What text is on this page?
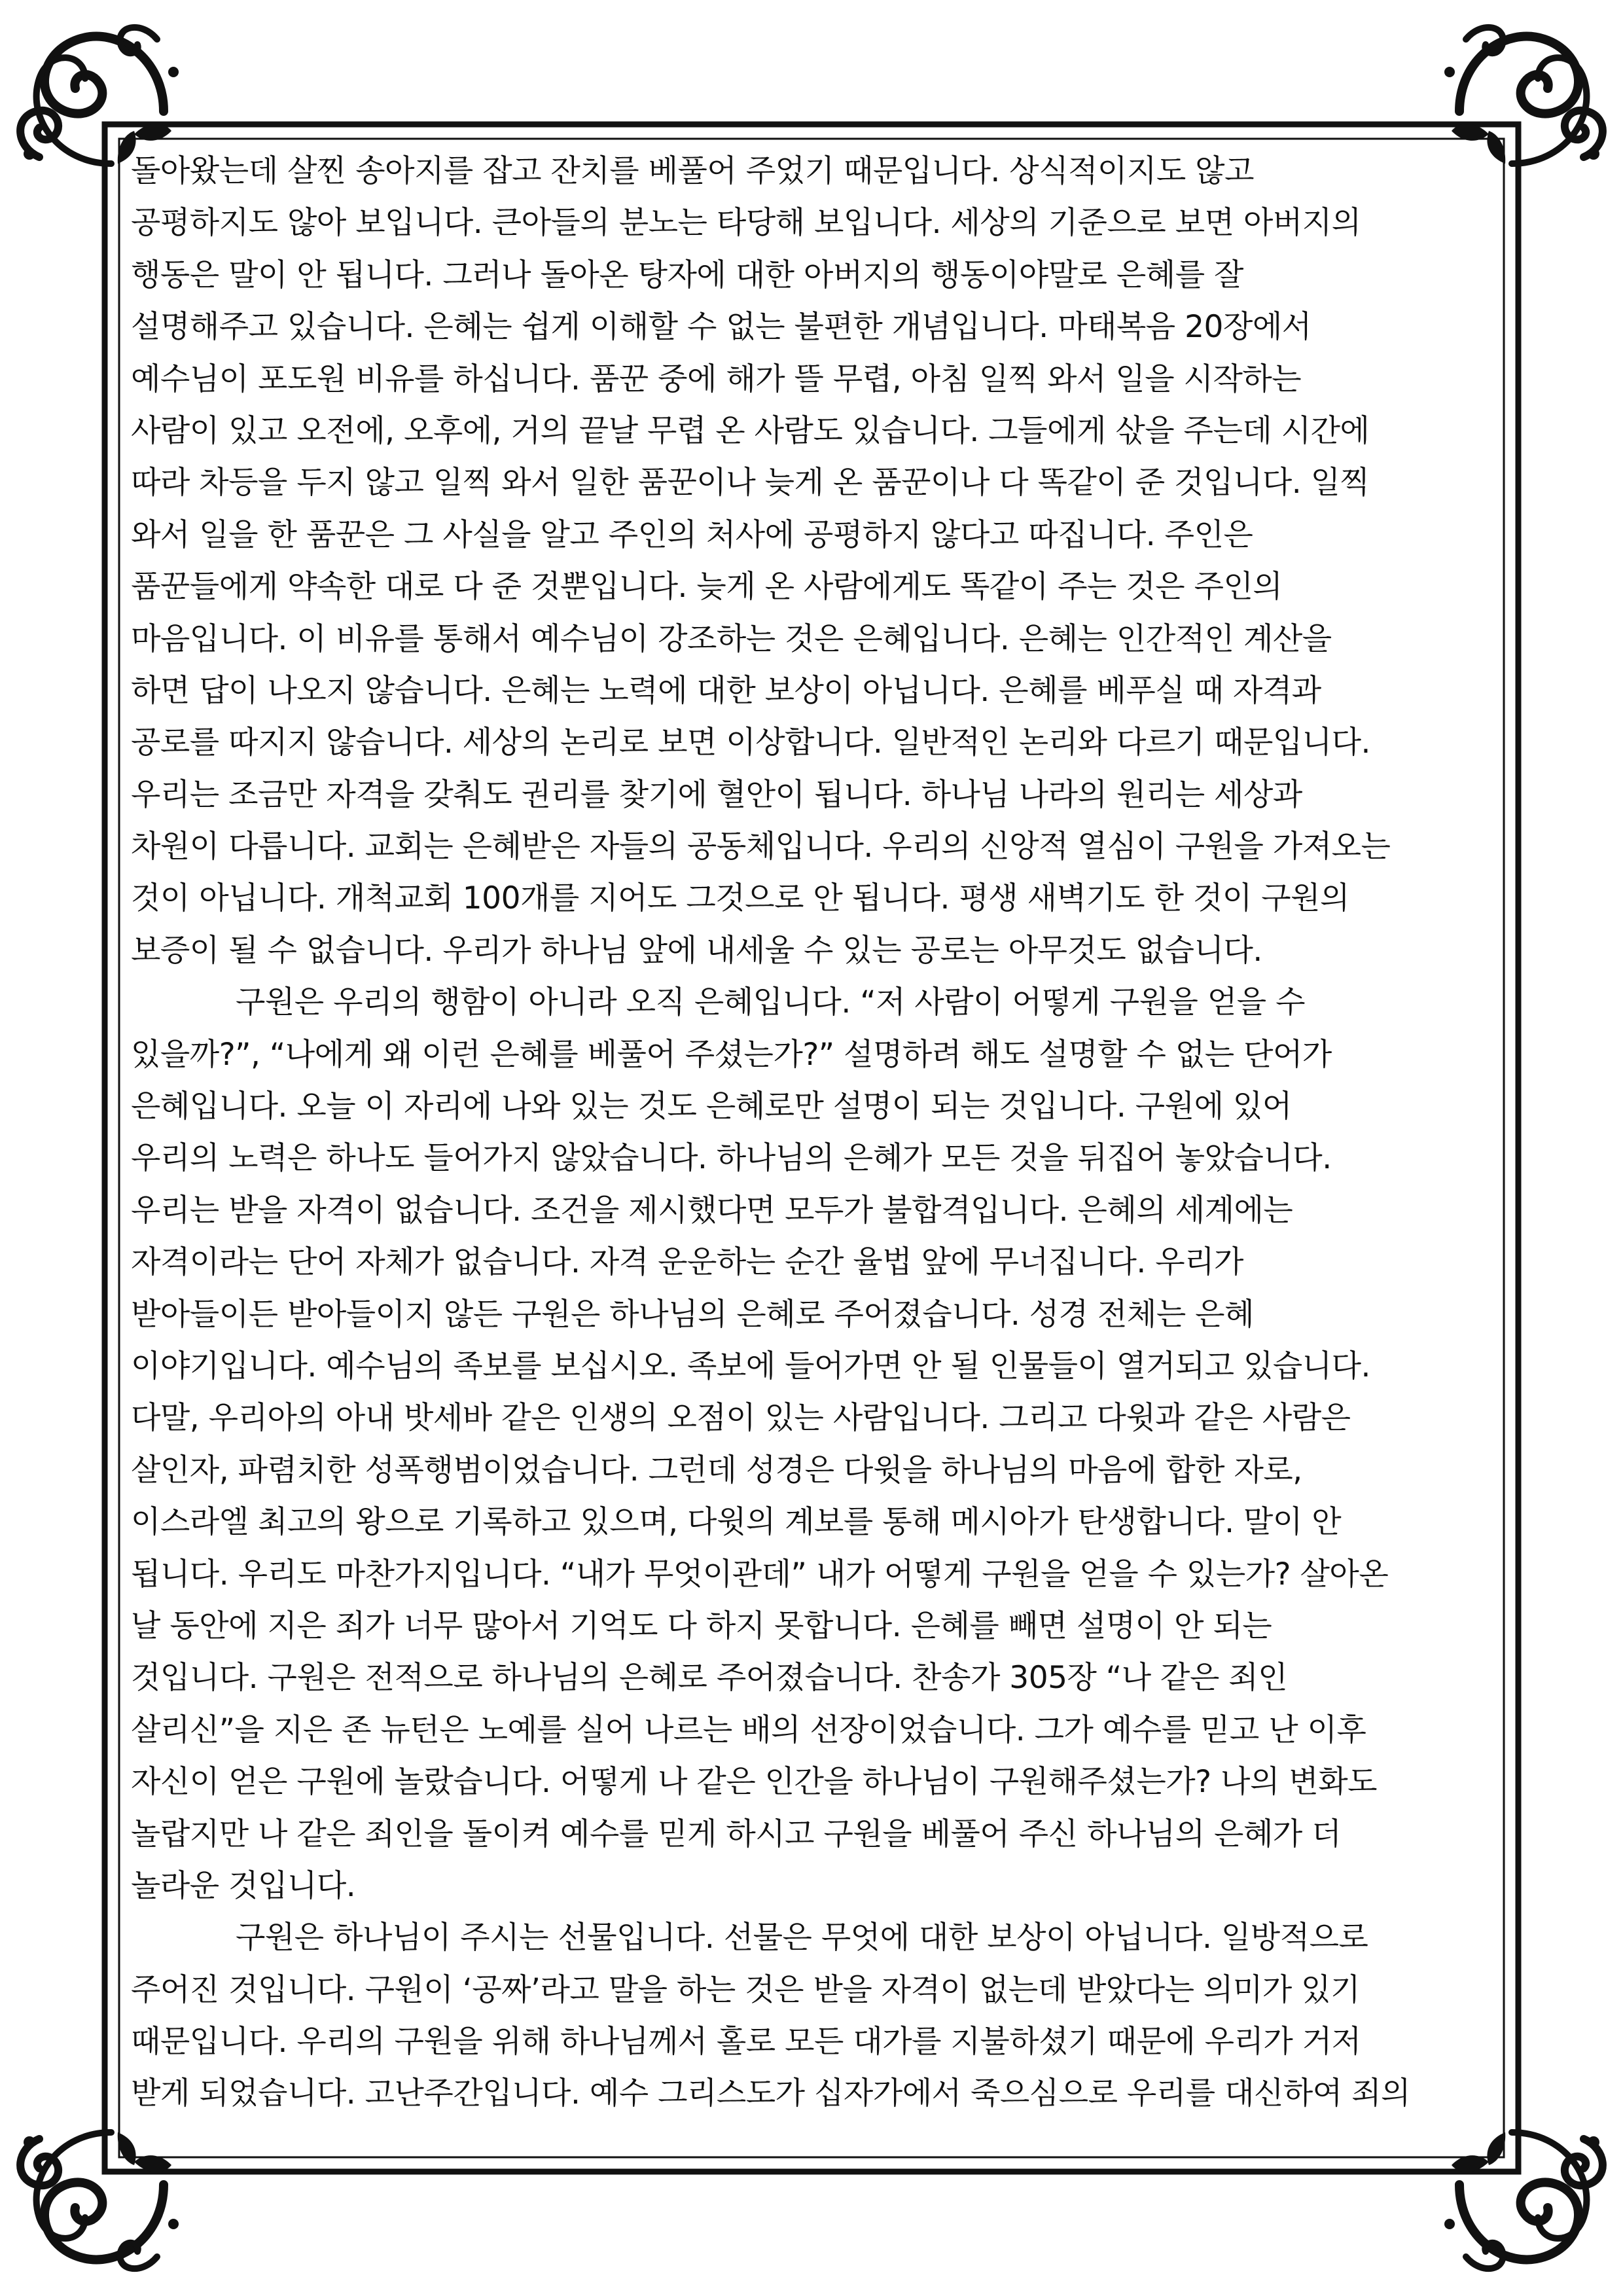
돌아왔는데 살찐 송아지를 잡고 잔치를 베풀어 주었기 때문입니다. 상식적이지도 않고
공평하지도 않아 보입니다. 큰아들의 분노는 타당해 보입니다. 세상의 기준으로 보면 아버지의
행동은 말이 안 됩니다. 그러나 돌아온 탕자에 대한 아버지의 행동이야말로 은혜를 잘
설명해주고 있습니다. 은혜는 쉽게 이해할 수 없는 불편한 개념입니다. 마태복음 20장에서
예수님이 포도원 비유를 하십니다. 품꾼 중에 해가 뜰 무렵, 아침 일찍 와서 일을 시작하는
사람이 있고 오전에, 오후에, 거의 끝날 무렵 온 사람도 있습니다. 그들에게 삯을 주는데 시간에
따라 차등을 두지 않고 일찍 와서 일한 품꾼이나 늦게 온 품꾼이나 다 똑같이 준 것입니다. 일찍
와서 일을 한 품꾼은 그 사실을 알고 주인의 처사에 공평하지 않다고 따집니다. 주인은
품꾼들에게 약속한 대로 다 준 것뿐입니다. 늦게 온 사람에게도 똑같이 주는 것은 주인의
마음입니다. 이 비유를 통해서 예수님이 강조하는 것은 은혜입니다. 은혜는 인간적인 계산을
하면 답이 나오지 않습니다. 은혜는 노력에 대한 보상이 아닙니다. 은혜를 베푸실 때 자격과
공로를 따지지 않습니다. 세상의 논리로 보면 이상합니다. 일반적인 논리와 다르기 때문입니다.
우리는 조금만 자격을 갖춰도 권리를 찾기에 혈안이 됩니다. 하나님 나라의 원리는 세상과
차원이 다릅니다. 교회는 은혜받은 자들의 공동체입니다. 우리의 신앙적 열심이 구원을 가져오는
것이 아닙니다. 개척교회 100개를 지어도 그것으로 안 됩니다. 평생 새벽기도 한 것이 구원의
보증이 될 수 없습니다. 우리가 하나님 앞에 내세울 수 있는 공로는 아무것도 없습니다.
구원은 우리의 행함이 아니라 오직 은혜입니다. “저 사람이 어떻게 구원을 얻을 수
있을까?”, “나에게 왜 이런 은혜를 베풀어 주셨는가?” 설명하려 해도 설명할 수 없는 단어가
은혜입니다. 오늘 이 자리에 나와 있는 것도 은혜로만 설명이 되는 것입니다. 구원에 있어
우리의 노력은 하나도 들어가지 않았습니다. 하나님의 은혜가 모든 것을 뒤집어 놓았습니다.
우리는 받을 자격이 없습니다. 조건을 제시했다면 모두가 불합격입니다. 은혜의 세계에는
자격이라는 단어 자체가 없습니다. 자격 운운하는 순간 율법 앞에 무너집니다. 우리가
받아들이든 받아들이지 않든 구원은 하나님의 은혜로 주어졌습니다. 성경 전체는 은혜
이야기입니다. 예수님의 족보를 보십시오. 족보에 들어가면 안 될 인물들이 열거되고 있습니다.
다말, 우리아의 아내 밧세바 같은 인생의 오점이 있는 사람입니다. 그리고 다윗과 같은 사람은
살인자, 파렴치한 성폭행범이었습니다. 그런데 성경은 다윗을 하나님의 마음에 합한 자로,
이스라엘 최고의 왕으로 기록하고 있으며, 다윗의 계보를 통해 메시아가 탄생합니다. 말이 안
됩니다. 우리도 마찬가지입니다. “내가 무엇이관데” 내가 어떻게 구원을 얻을 수 있는가? 살아온
날 동안에 지은 죄가 너무 많아서 기억도 다 하지 못합니다. 은혜를 빼면 설명이 안 되는
것입니다. 구원은 전적으로 하나님의 은혜로 주어졌습니다. 찬송가 305장 “나 같은 죄인
살리신”을 지은 존 뉴턴은 노예를 실어 나르는 배의 선장이었습니다. 그가 예수를 믿고 난 이후
자신이 얻은 구원에 놀랐습니다. 어떻게 나 같은 인간을 하나님이 구원해주셨는가? 나의 변화도
놀랍지만 나 같은 죄인을 돌이켜 예수를 믿게 하시고 구원을 베풀어 주신 하나님의 은혜가 더
놀라운 것입니다.
구원은 하나님이 주시는 선물입니다. 선물은 무엇에 대한 보상이 아닙니다. 일방적으로
주어진 것입니다. 구원이 ‘공짜’라고 말을 하는 것은 받을 자격이 없는데 받았다는 의미가 있기
때문입니다. 우리의 구원을 위해 하나님께서 홀로 모든 대가를 지불하셨기 때문에 우리가 거저
받게 되었습니다. 고난주간입니다. 예수 그리스도가 십자가에서 죽으심으로 우리를 대신하여 죄의
